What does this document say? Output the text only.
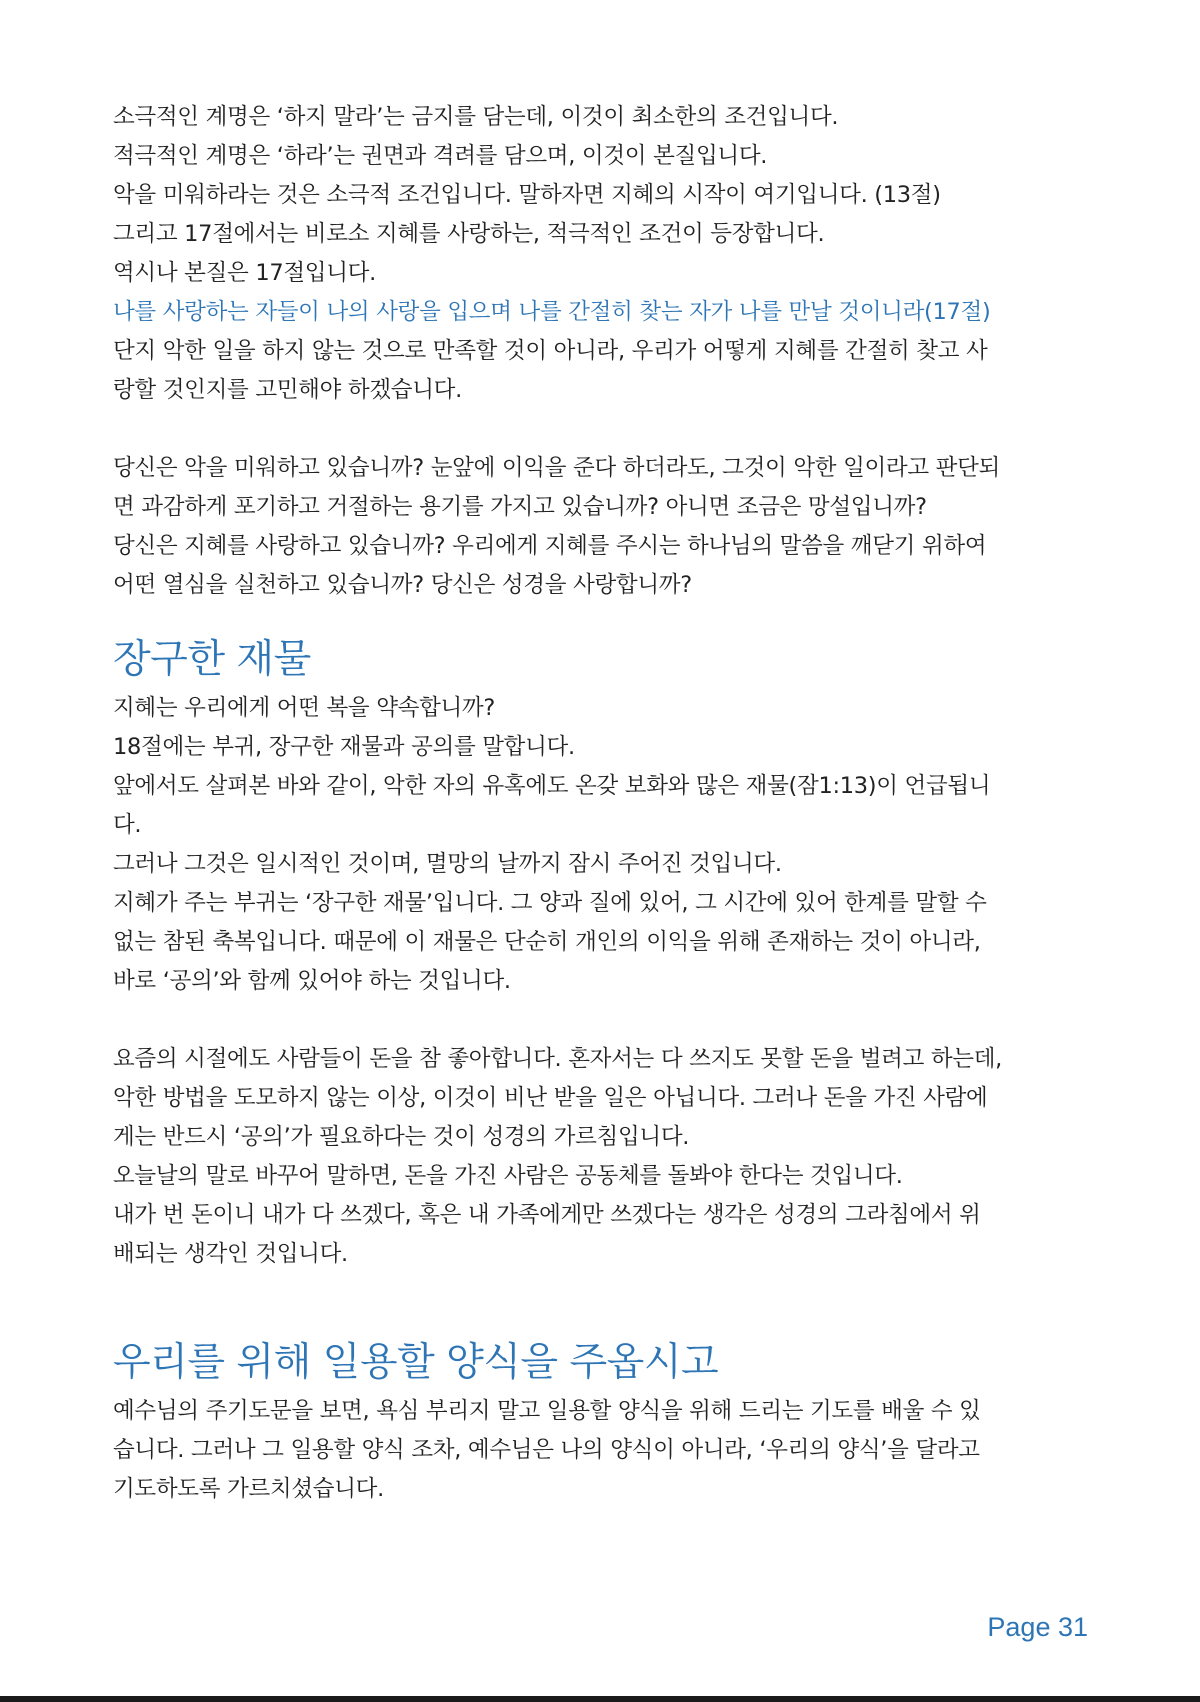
소극적인 계명은 ‘하지 말라’는 금지를 담는데, 이것이 최소한의 조건입니다.
적극적인 계명은 ‘하라’는 권면과 격려를 담으며, 이것이 본질입니다.
악을 미워하라는 것은 소극적 조건입니다. 말하자면 지혜의 시작이 여기입니다. (13절)
그리고 17절에서는 비로소 지혜를 사랑하는, 적극적인 조건이 등장합니다.
역시나 본질은 17절입니다.
나를 사랑하는 자들이 나의 사랑을 입으며 나를 간절히 찾는 자가 나를 만날 것이니라(17절)
단지 악한 일을 하지 않는 것으로 만족할 것이 아니라, 우리가 어떻게 지혜를 간절히 찾고 사
랑할 것인지를 고민해야 하겠습니다.
당신은 악을 미워하고 있습니까? 눈앞에 이익을 준다 하더라도, 그것이 악한 일이라고 판단되
면 과감하게 포기하고 거절하는 용기를 가지고 있습니까? 아니면 조금은 망설입니까?
당신은 지혜를 사랑하고 있습니까? 우리에게 지혜를 주시는 하나님의 말씀을 깨닫기 위하여
어떤 열심을 실천하고 있습니까? 당신은 성경을 사랑합니까?
장구한 재물
지혜는 우리에게 어떤 복을 약속합니까?
18절에는 부귀, 장구한 재물과 공의를 말합니다.
앞에서도 살펴본 바와 같이, 악한 자의 유혹에도 온갖 보화와 많은 재물(잠1:13)이 언급됩니
다.
그러나 그것은 일시적인 것이며, 멸망의 날까지 잠시 주어진 것입니다.
지혜가 주는 부귀는 ‘장구한 재물’입니다. 그 양과 질에 있어, 그 시간에 있어 한계를 말할 수
없는 참된 축복입니다. 때문에 이 재물은 단순히 개인의 이익을 위해 존재하는 것이 아니라,
바로 ‘공의’와 함께 있어야 하는 것입니다.
요즘의 시절에도 사람들이 돈을 참 좋아합니다. 혼자서는 다 쓰지도 못할 돈을 벌려고 하는데,
악한 방법을 도모하지 않는 이상, 이것이 비난 받을 일은 아닙니다. 그러나 돈을 가진 사람에
게는 반드시 ‘공의’가 필요하다는 것이 성경의 가르침입니다.
오늘날의 말로 바꾸어 말하면, 돈을 가진 사람은 공동체를 돌봐야 한다는 것입니다.
내가 번 돈이니 내가 다 쓰겠다, 혹은 내 가족에게만 쓰겠다는 생각은 성경의 그라침에서 위
배되는 생각인 것입니다.
우리를 위해 일용할 양식을 주옵시고
예수님의 주기도문을 보면, 욕심 부리지 말고 일용할 양식을 위해 드리는 기도를 배울 수 있
습니다. 그러나 그 일용할 양식 조차, 예수님은 나의 양식이 아니라, ‘우리의 양식’을 달라고
기도하도록 가르치셨습니다.
Page 31
